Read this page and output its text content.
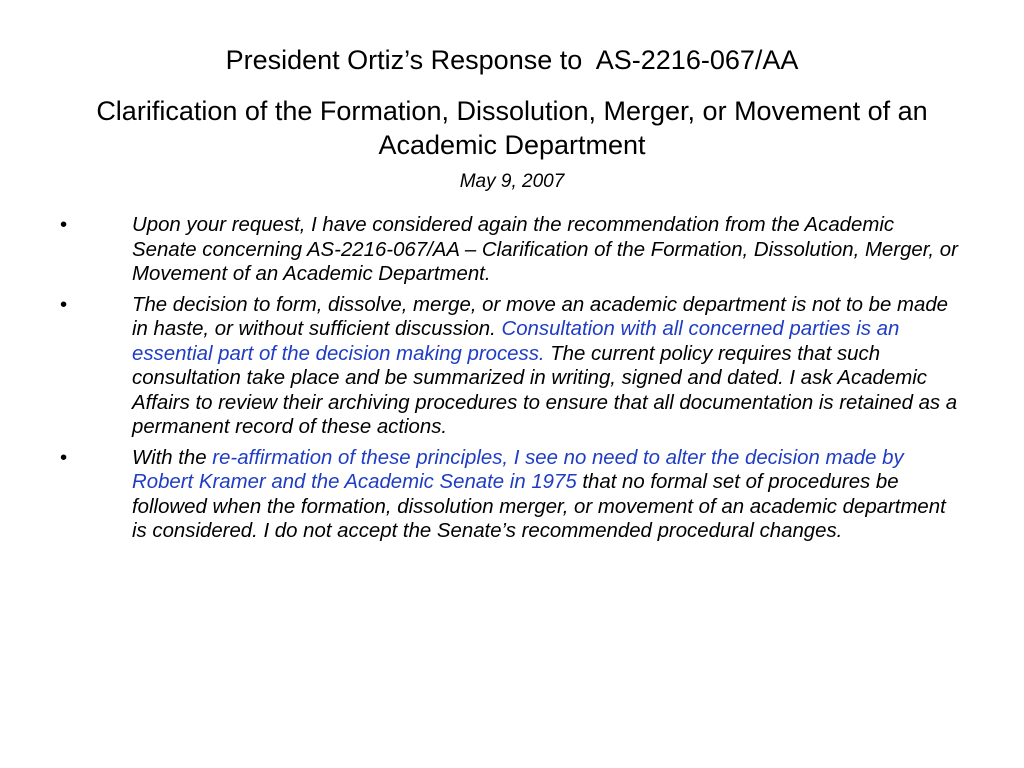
President Ortiz’s Response to  AS-2216-067/AA

Clarification of the Formation, Dissolution, Merger, or Movement of an Academic Department

May 9, 2007

•	Upon your request, I have considered again the recommendation from the Academic Senate concerning AS-2216-067/AA – Clarification of the Formation, Dissolution, Merger, or Movement of an Academic Department.
•	The decision to form, dissolve, merge, or move an academic department is not to be made in haste, or without sufficient discussion. Consultation with all concerned parties is an essential part of the decision making process. The current policy requires that such consultation take place and be summarized in writing, signed and dated. I ask Academic Affairs to review their archiving procedures to ensure that all documentation is retained as a permanent record of these actions.
•	With the re-affirmation of these principles, I see no need to alter the decision made by Robert Kramer and the Academic Senate in 1975 that no formal set of procedures be followed when the formation, dissolution merger, or movement of an academic department is considered. I do not accept the Senate’s recommended procedural changes.
